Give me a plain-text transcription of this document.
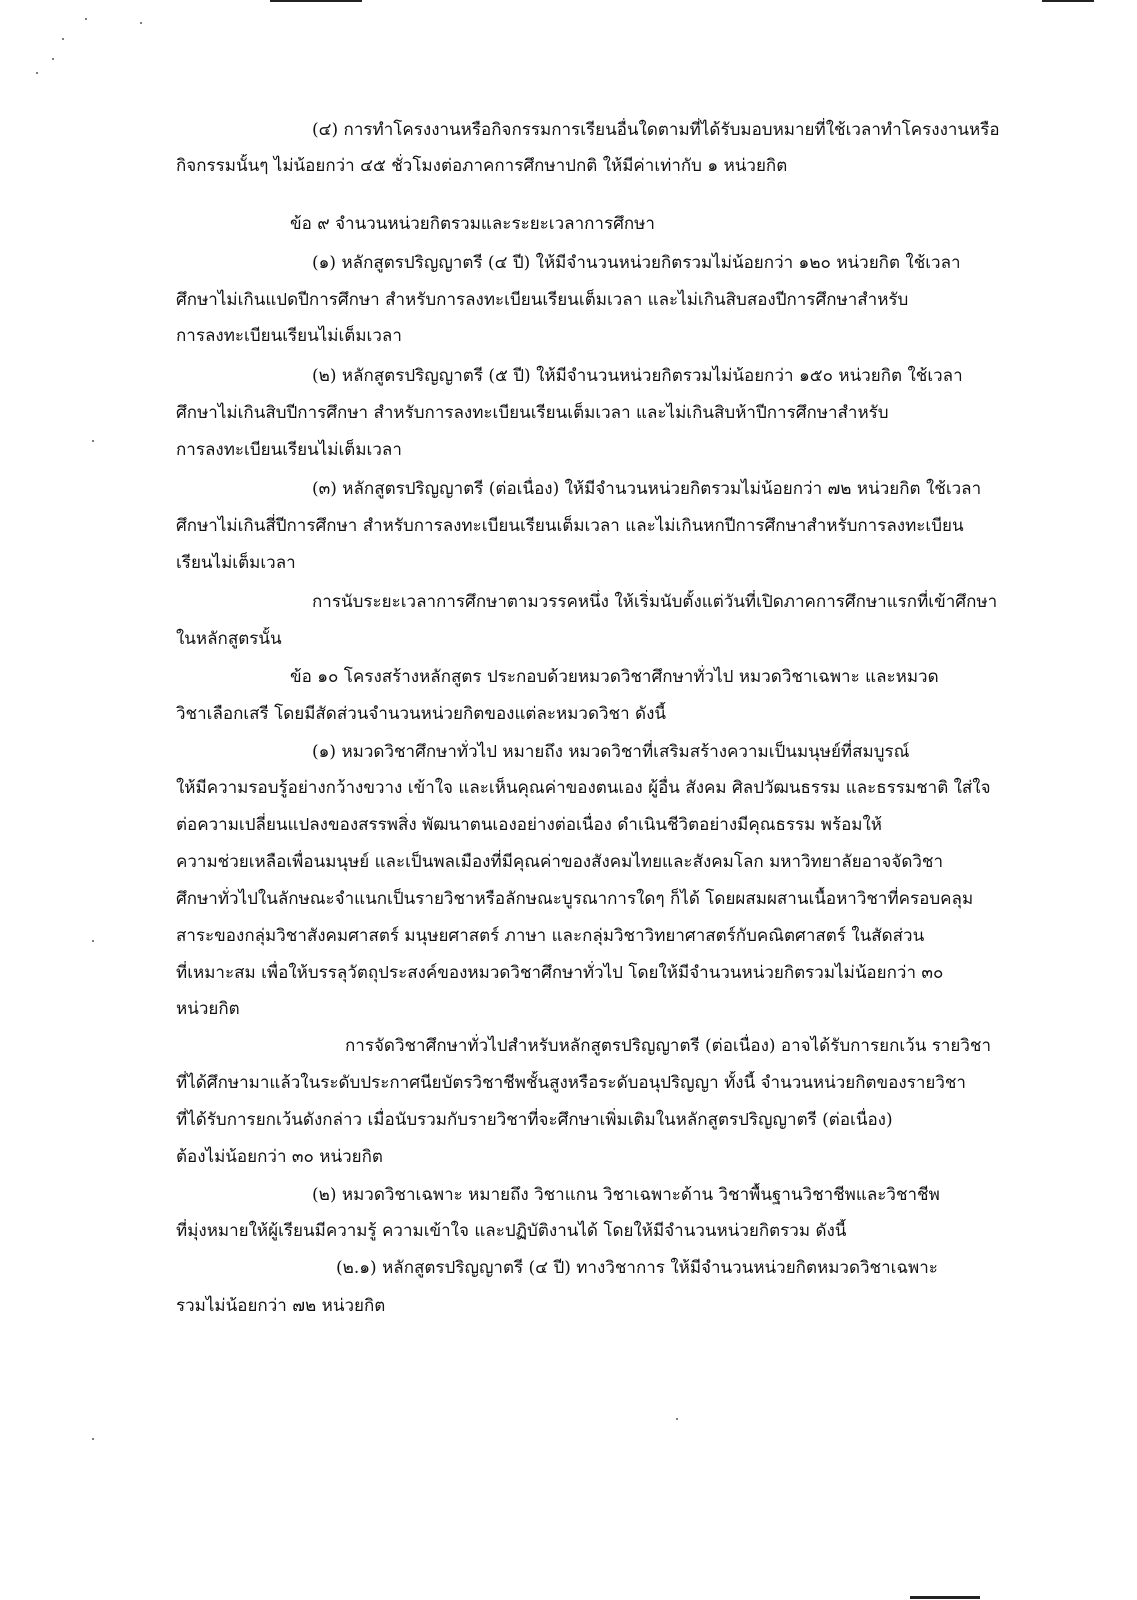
(๔) การทำโครงงานหรือกิจกรรมการเรียนอื่นใดตามที่ได้รับมอบหมายที่ใช้เวลาทำโครงงานหรือ
กิจกรรมนั้นๆ ไม่น้อยกว่า ๔๕ ชั่วโมงต่อภาคการศึกษาปกติ ให้มีค่าเท่ากับ ๑ หน่วยกิต
ข้อ ๙ จำนวนหน่วยกิตรวมและระยะเวลาการศึกษา
(๑) หลักสูตรปริญญาตรี (๔ ปี) ให้มีจำนวนหน่วยกิตรวมไม่น้อยกว่า ๑๒๐ หน่วยกิต ใช้เวลา
ศึกษาไม่เกินแปดปีการศึกษา สำหรับการลงทะเบียนเรียนเต็มเวลา และไม่เกินสิบสองปีการศึกษาสำหรับ
การลงทะเบียนเรียนไม่เต็มเวลา
(๒) หลักสูตรปริญญาตรี (๕ ปี) ให้มีจำนวนหน่วยกิตรวมไม่น้อยกว่า ๑๕๐ หน่วยกิต ใช้เวลา
ศึกษาไม่เกินสิบปีการศึกษา สำหรับการลงทะเบียนเรียนเต็มเวลา และไม่เกินสิบห้าปีการศึกษาสำหรับ
การลงทะเบียนเรียนไม่เต็มเวลา
(๓) หลักสูตรปริญญาตรี (ต่อเนื่อง) ให้มีจำนวนหน่วยกิตรวมไม่น้อยกว่า ๗๒ หน่วยกิต ใช้เวลา
ศึกษาไม่เกินสี่ปีการศึกษา สำหรับการลงทะเบียนเรียนเต็มเวลา และไม่เกินหกปีการศึกษาสำหรับการลงทะเบียน
เรียนไม่เต็มเวลา
การนับระยะเวลาการศึกษาตามวรรคหนึ่ง ให้เริ่มนับตั้งแต่วันที่เปิดภาคการศึกษาแรกที่เข้าศึกษา
ในหลักสูตรนั้น
ข้อ ๑๐ โครงสร้างหลักสูตร ประกอบด้วยหมวดวิชาศึกษาทั่วไป หมวดวิชาเฉพาะ และหมวด
วิชาเลือกเสรี โดยมีสัดส่วนจำนวนหน่วยกิตของแต่ละหมวดวิชา ดังนี้
(๑) หมวดวิชาศึกษาทั่วไป หมายถึง หมวดวิชาที่เสริมสร้างความเป็นมนุษย์ที่สมบูรณ์
ให้มีความรอบรู้อย่างกว้างขวาง เข้าใจ และเห็นคุณค่าของตนเอง ผู้อื่น สังคม ศิลปวัฒนธรรม และธรรมชาติ ใส่ใจ
ต่อความเปลี่ยนแปลงของสรรพสิ่ง พัฒนาตนเองอย่างต่อเนื่อง ดำเนินชีวิตอย่างมีคุณธรรม พร้อมให้
ความช่วยเหลือเพื่อนมนุษย์ และเป็นพลเมืองที่มีคุณค่าของสังคมไทยและสังคมโลก มหาวิทยาลัยอาจจัดวิชา
ศึกษาทั่วไปในลักษณะจำแนกเป็นรายวิชาหรือลักษณะบูรณาการใดๆ ก็ได้ โดยผสมผสานเนื้อหาวิชาที่ครอบคลุม
สาระของกลุ่มวิชาสังคมศาสตร์ มนุษยศาสตร์ ภาษา และกลุ่มวิชาวิทยาศาสตร์กับคณิตศาสตร์ ในสัดส่วน
ที่เหมาะสม เพื่อให้บรรลุวัตถุประสงค์ของหมวดวิชาศึกษาทั่วไป โดยให้มีจำนวนหน่วยกิตรวมไม่น้อยกว่า ๓๐
หน่วยกิต
การจัดวิชาศึกษาทั่วไปสำหรับหลักสูตรปริญญาตรี (ต่อเนื่อง) อาจได้รับการยกเว้น รายวิชา
ที่ได้ศึกษามาแล้วในระดับประกาศนียบัตรวิชาชีพชั้นสูงหรือระดับอนุปริญญา ทั้งนี้ จำนวนหน่วยกิตของรายวิชา
ที่ได้รับการยกเว้นดังกล่าว เมื่อนับรวมกับรายวิชาที่จะศึกษาเพิ่มเติมในหลักสูตรปริญญาตรี (ต่อเนื่อง)
ต้องไม่น้อยกว่า ๓๐ หน่วยกิต
(๒) หมวดวิชาเฉพาะ หมายถึง วิชาแกน วิชาเฉพาะด้าน วิชาพื้นฐานวิชาชีพและวิชาชีพ
ที่มุ่งหมายให้ผู้เรียนมีความรู้ ความเข้าใจ และปฏิบัติงานได้ โดยให้มีจำนวนหน่วยกิตรวม ดังนี้
(๒.๑) หลักสูตรปริญญาตรี (๔ ปี) ทางวิชาการ ให้มีจำนวนหน่วยกิตหมวดวิชาเฉพาะ
รวมไม่น้อยกว่า ๗๒ หน่วยกิต
